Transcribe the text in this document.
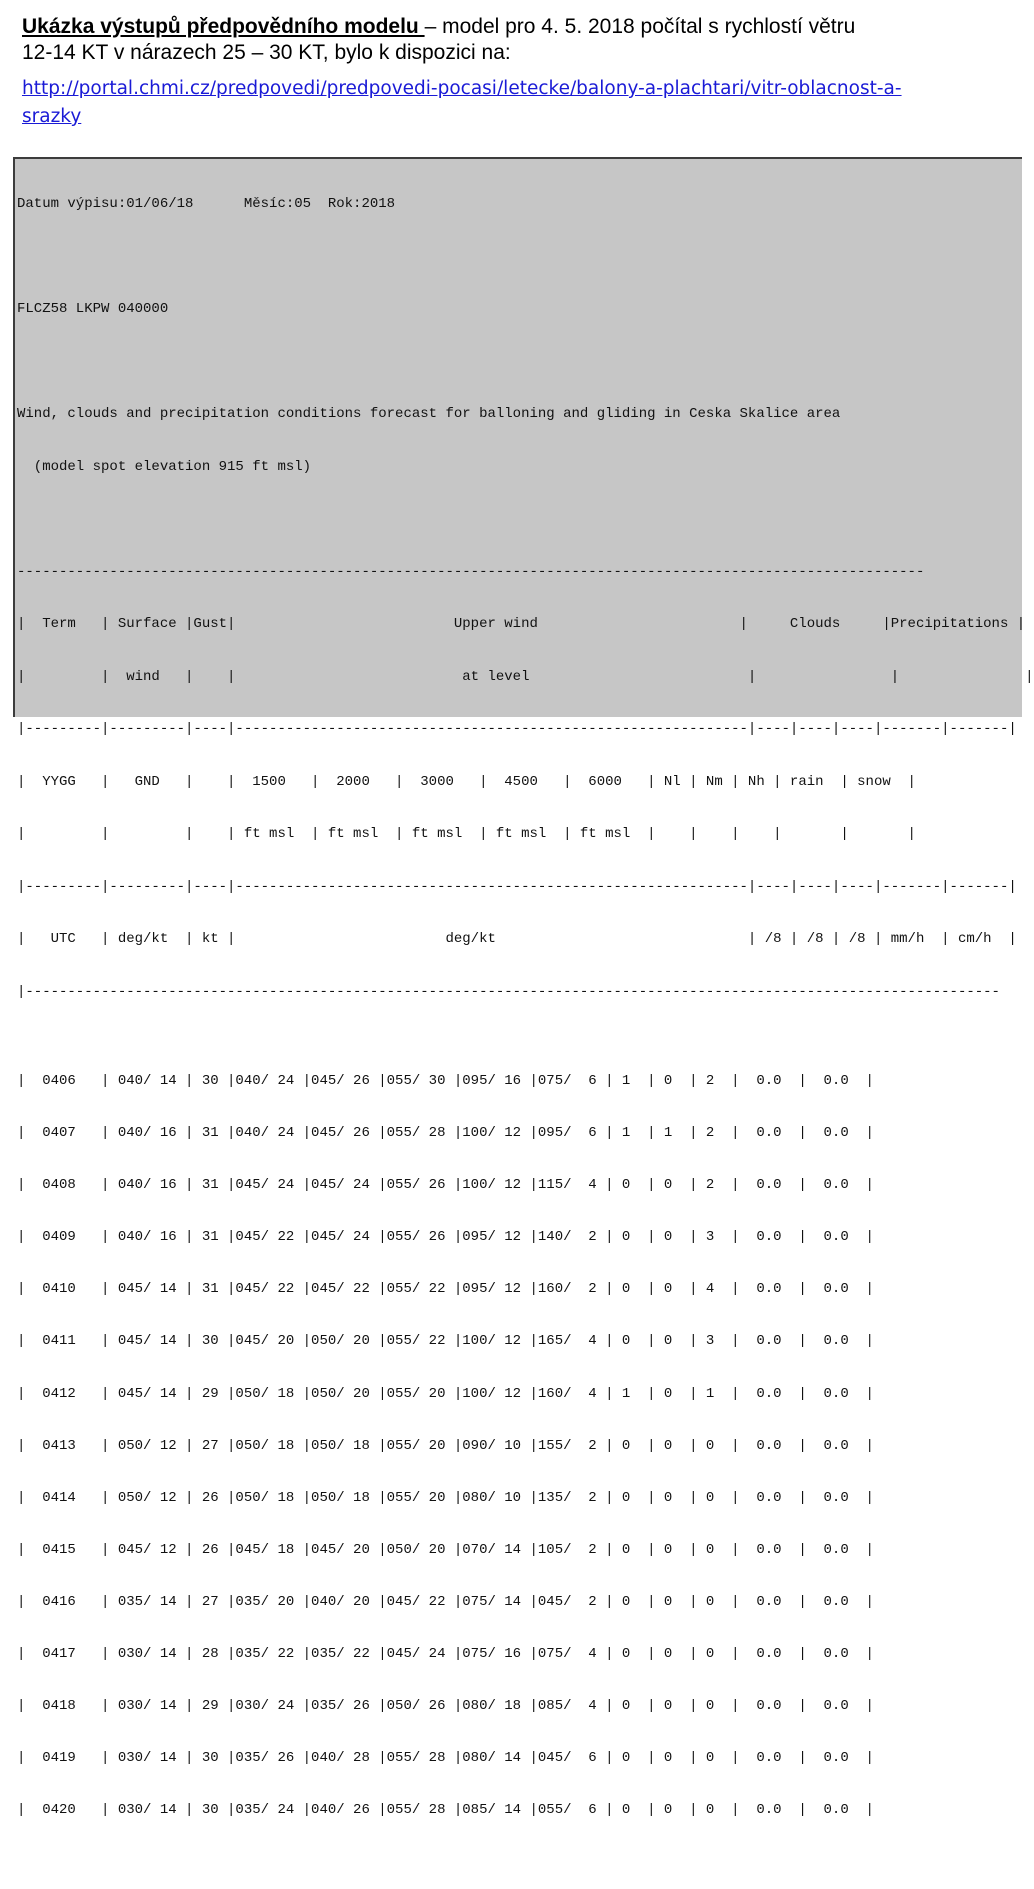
Ukázka výstupů předpovědního modelu – model pro 4. 5. 2018 počítal s rychlostí větru
12-14 KT v nárazech 25 – 30 KT, bylo k dispozici na:
http://portal.chmi.cz/predpovedi/predpovedi-pocasi/letecke/balony-a-plachtari/vitr-oblacnost-a-
srazky

Datum výpisu:01/06/18      Měsíc:05  Rok:2018

FLCZ58 LKPW 040000

Wind, clouds and precipitation conditions forecast for balloning and gliding in Ceska Skalice area

(model spot elevation 915 ft msl)

------------------------------------------------------------------------------------------------------------

|  Term   | Surface |Gust|                          Upper wind                        |     Clouds     |Precipitations |

|         |  wind   |    |                           at level                          |                |               |

|---------|---------|----|-------------------------------------------------------------|----|----|----|-------|-------|

|  YYGG   |   GND   |    |  1500   |  2000   |  3000   |  4500   |  6000   | Nl | Nm | Nh | rain  | snow  |

|         |         |    | ft msl  | ft msl  | ft msl  | ft msl  | ft msl  |    |    |    |       |       |

|---------|---------|----|-------------------------------------------------------------|----|----|----|-------|-------|

|   UTC   | deg/kt  | kt |                         deg/kt                              | /8 | /8 | /8 | mm/h  | cm/h  |

|--------------------------------------------------------------------------------------------------------------------

|  0406   | 040/ 14 | 30 |040/ 24 |045/ 26 |055/ 30 |095/ 16 |075/  6 | 1  | 0  | 2  |  0.0  |  0.0  |

|  0407   | 040/ 16 | 31 |040/ 24 |045/ 26 |055/ 28 |100/ 12 |095/  6 | 1  | 1  | 2  |  0.0  |  0.0  |

|  0408   | 040/ 16 | 31 |045/ 24 |045/ 24 |055/ 26 |100/ 12 |115/  4 | 0  | 0  | 2  |  0.0  |  0.0  |

|  0409   | 040/ 16 | 31 |045/ 22 |045/ 24 |055/ 26 |095/ 12 |140/  2 | 0  | 0  | 3  |  0.0  |  0.0  |

|  0410   | 045/ 14 | 31 |045/ 22 |045/ 22 |055/ 22 |095/ 12 |160/  2 | 0  | 0  | 4  |  0.0  |  0.0  |

|  0411   | 045/ 14 | 30 |045/ 20 |050/ 20 |055/ 22 |100/ 12 |165/  4 | 0  | 0  | 3  |  0.0  |  0.0  |

|  0412   | 045/ 14 | 29 |050/ 18 |050/ 20 |055/ 20 |100/ 12 |160/  4 | 1  | 0  | 1  |  0.0  |  0.0  |

|  0413   | 050/ 12 | 27 |050/ 18 |050/ 18 |055/ 20 |090/ 10 |155/  2 | 0  | 0  | 0  |  0.0  |  0.0  |

|  0414   | 050/ 12 | 26 |050/ 18 |050/ 18 |055/ 20 |080/ 10 |135/  2 | 0  | 0  | 0  |  0.0  |  0.0  |

|  0415   | 045/ 12 | 26 |045/ 18 |045/ 20 |050/ 20 |070/ 14 |105/  2 | 0  | 0  | 0  |  0.0  |  0.0  |

|  0416   | 035/ 14 | 27 |035/ 20 |040/ 20 |045/ 22 |075/ 14 |045/  2 | 0  | 0  | 0  |  0.0  |  0.0  |

|  0417   | 030/ 14 | 28 |035/ 22 |035/ 22 |045/ 24 |075/ 16 |075/  4 | 0  | 0  | 0  |  0.0  |  0.0  |

|  0418   | 030/ 14 | 29 |030/ 24 |035/ 26 |050/ 26 |080/ 18 |085/  4 | 0  | 0  | 0  |  0.0  |  0.0  |

|  0419   | 030/ 14 | 30 |035/ 26 |040/ 28 |055/ 28 |080/ 14 |045/  6 | 0  | 0  | 0  |  0.0  |  0.0  |

|  0420   | 030/ 14 | 30 |035/ 24 |040/ 26 |055/ 28 |085/ 14 |055/  6 | 0  | 0  | 0  |  0.0  |  0.0  |
